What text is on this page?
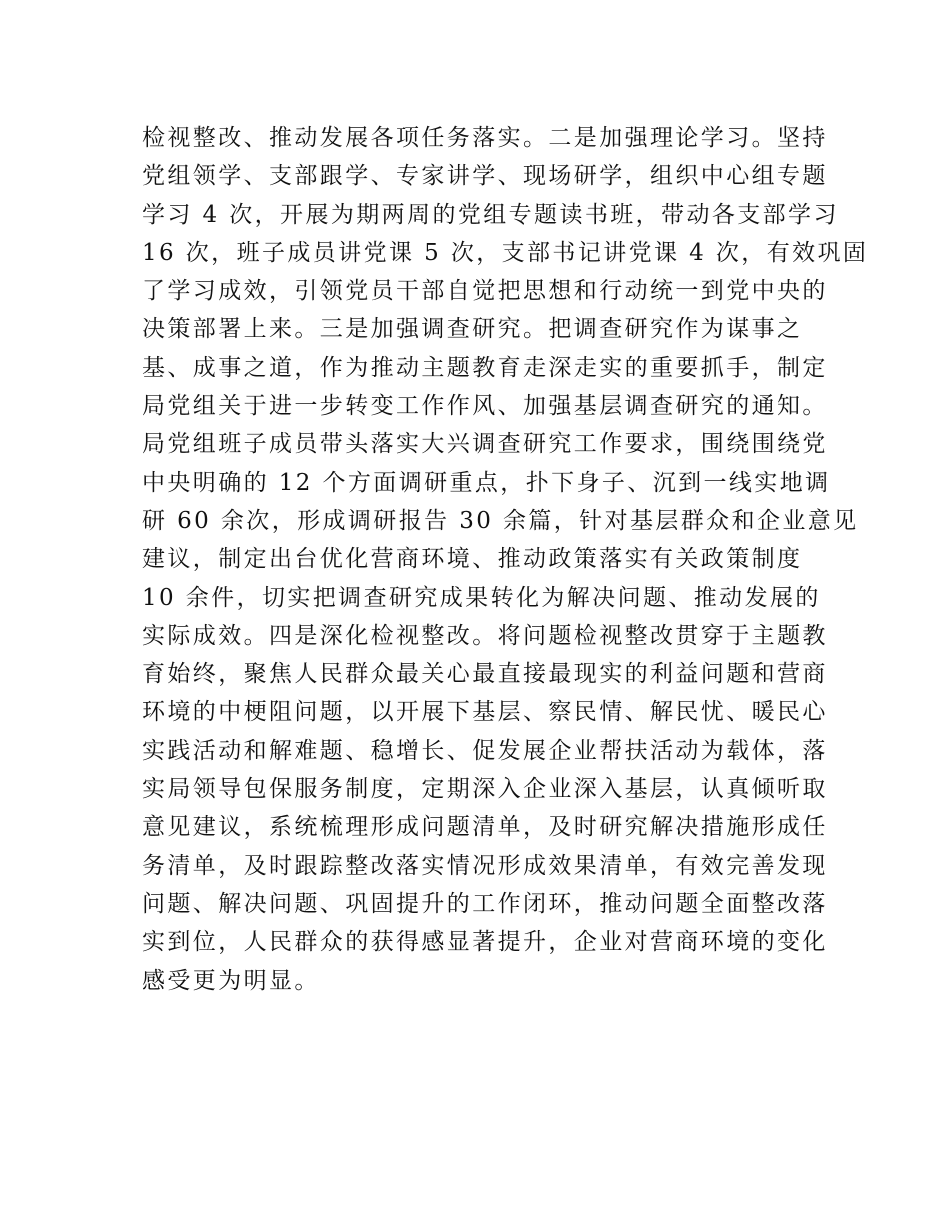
检视整改、推动发展各项任务落实。二是加强理论学习。坚持
党组领学、支部跟学、专家讲学、现场研学，组织中心组专题
学习 4 次，开展为期两周的党组专题读书班，带动各支部学习
16 次，班子成员讲党课 5 次，支部书记讲党课 4 次，有效巩固
了学习成效，引领党员干部自觉把思想和行动统一到党中央的
决策部署上来。三是加强调查研究。把调查研究作为谋事之
基、成事之道，作为推动主题教育走深走实的重要抓手，制定
局党组关于进一步转变工作作风、加强基层调查研究的通知。
局党组班子成员带头落实大兴调查研究工作要求，围绕围绕党
中央明确的 12 个方面调研重点，扑下身子、沉到一线实地调
研 60 余次，形成调研报告 30 余篇，针对基层群众和企业意见
建议，制定出台优化营商环境、推动政策落实有关政策制度
10 余件，切实把调查研究成果转化为解决问题、推动发展的
实际成效。四是深化检视整改。将问题检视整改贯穿于主题教
育始终，聚焦人民群众最关心最直接最现实的利益问题和营商
环境的中梗阻问题，以开展下基层、察民情、解民忧、暖民心
实践活动和解难题、稳增长、促发展企业帮扶活动为载体，落
实局领导包保服务制度，定期深入企业深入基层，认真倾听取
意见建议，系统梳理形成问题清单，及时研究解决措施形成任
务清单，及时跟踪整改落实情况形成效果清单，有效完善发现
问题、解决问题、巩固提升的工作闭环，推动问题全面整改落
实到位，人民群众的获得感显著提升，企业对营商环境的变化
感受更为明显。
